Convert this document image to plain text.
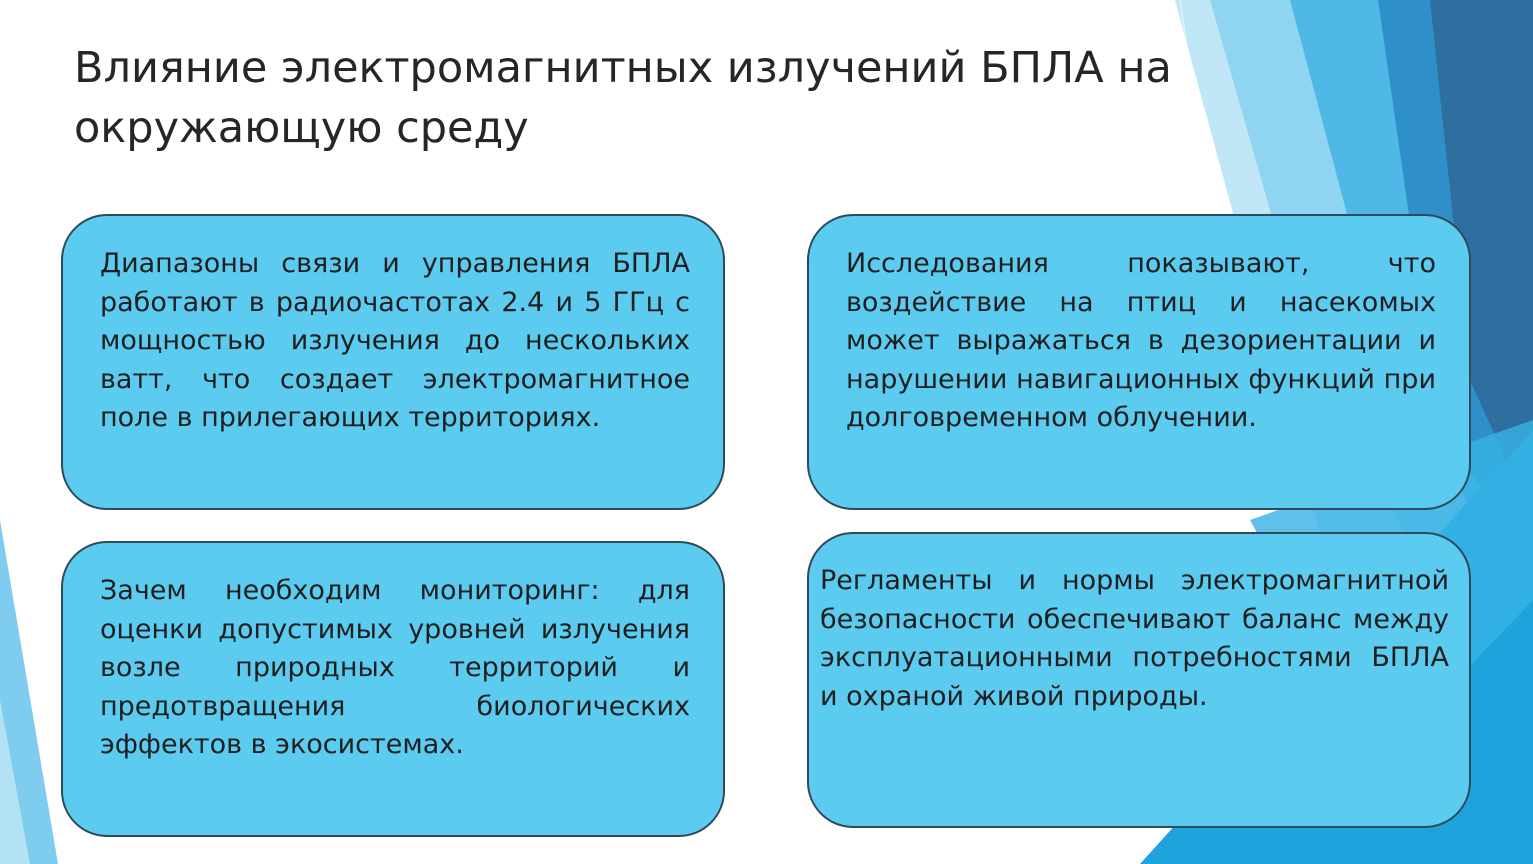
Влияние электромагнитных излучений БПЛА на окружающую среду
Диапазоны связи и управления БПЛА работают в радиочастотах 2.4 и 5 ГГц с мощностью излучения до нескольких ватт, что создает электромагнитное поле в прилегающих территориях.
Исследования показывают, что воздействие на птиц и насекомых может выражаться в дезориентации и нарушении навигационных функций при долговременном облучении.
Зачем необходим мониторинг: для оценки допустимых уровней излучения возле природных территорий и предотвращения биологических эффектов в экосистемах.
Регламенты и нормы электромагнитной безопасности обеспечивают баланс между эксплуатационными потребностями БПЛА и охраной живой природы.
